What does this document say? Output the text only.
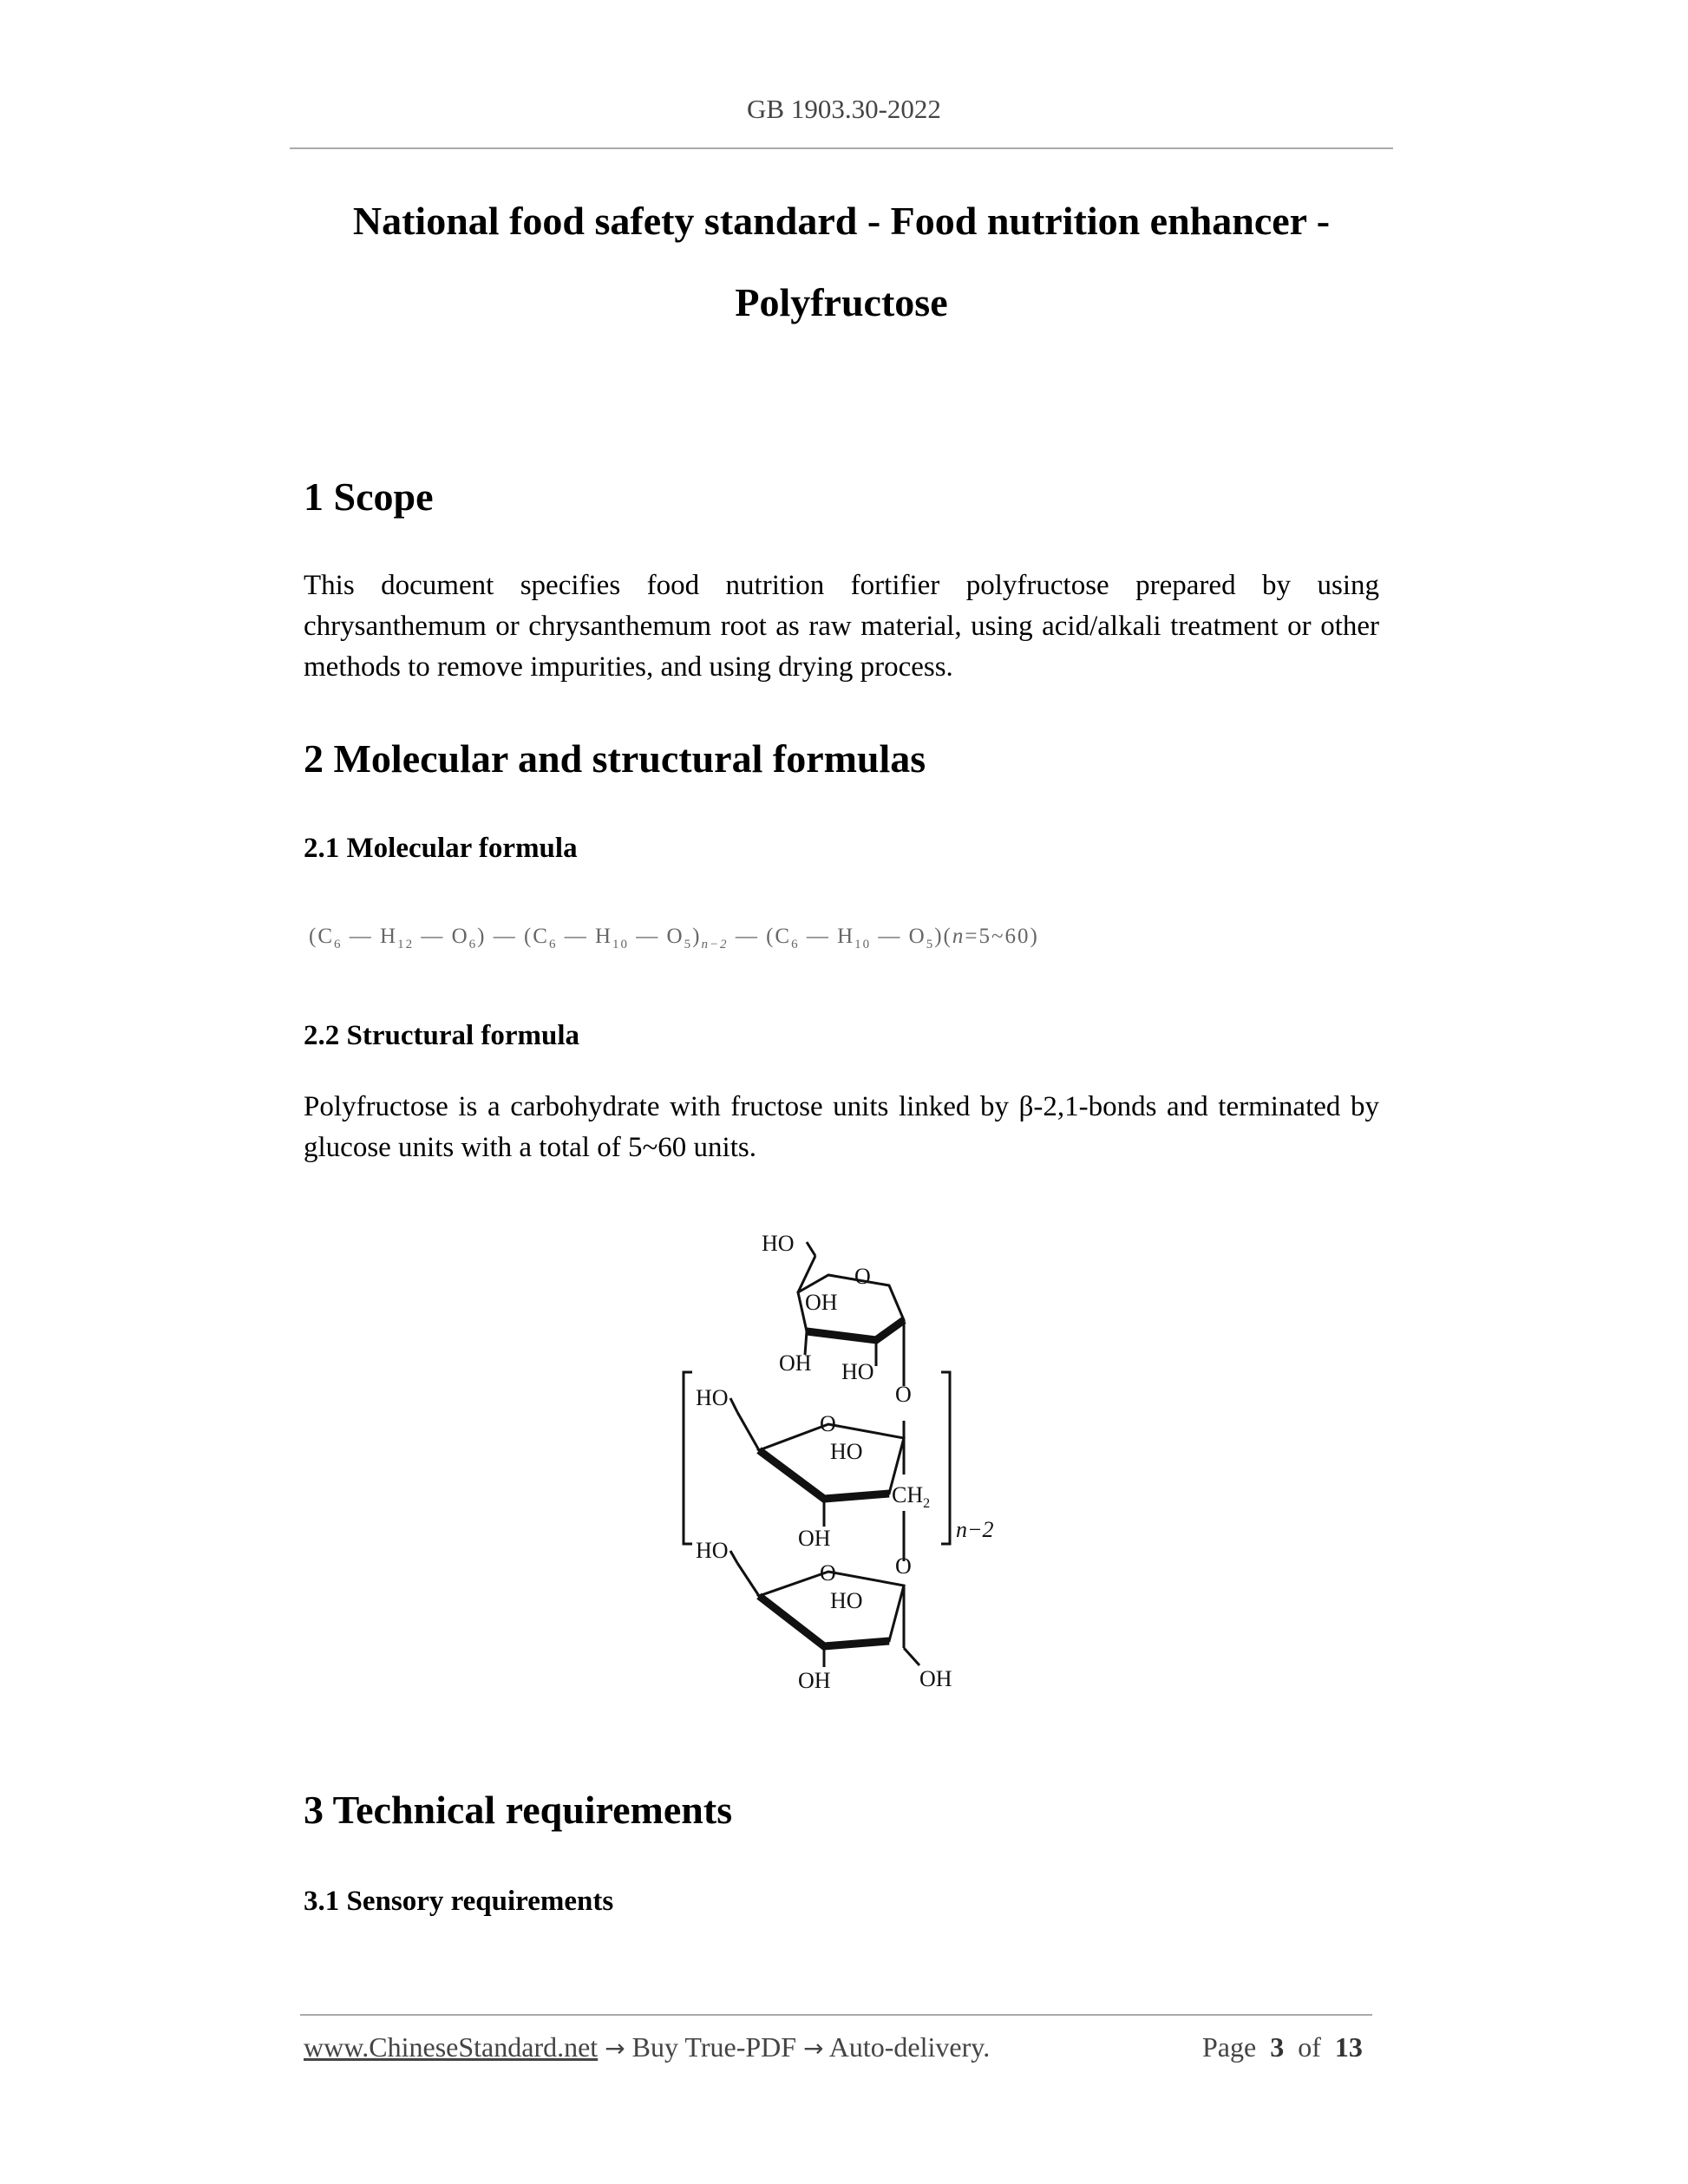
GB 1903.30-2022
National food safety standard - Food nutrition enhancer -
Polyfructose
1 Scope
This document specifies food nutrition fortifier polyfructose prepared by using chrysanthemum or chrysanthemum root as raw material, using acid/alkali treatment or other methods to remove impurities, and using drying process.
2 Molecular and structural formulas
2.1 Molecular formula
($C_6$ — $H_{12}$ — $O_6$) — ($C_6$ — $H_{10}$ — $O_5)_{n-2}$ — ($C_6$ — $H_{10}$ — $O_5)(n=5\sim 60)$
2.2 Structural formula
Polyfructose is a carbohydrate with fructose units linked by β-2,1-bonds and terminated by glucose units with a total of 5~60 units.
HO
O
OH
OH HO
O
HO
O
HO
$CH_2$
OH	n−2
HO
O
O
HO
OH	OH
3 Technical requirements
3.1 Sensory requirements
www.ChineseStandard.net → Buy True-PDF → Auto-delivery.	Page 3 of 13
